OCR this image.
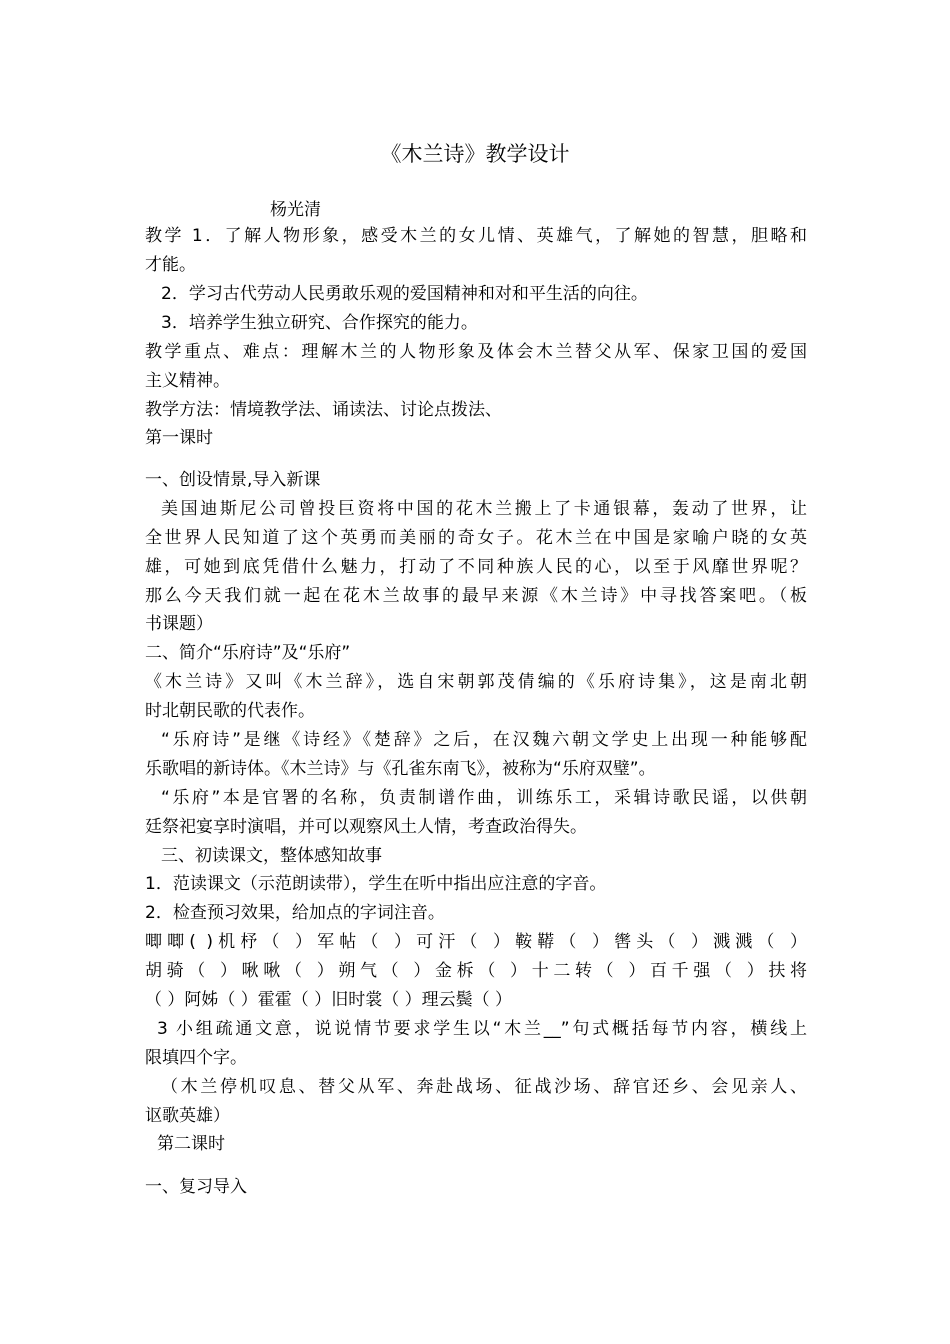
《木兰诗》教学设计
杨光清
教学 1．了解人物形象，感受木兰的女儿情、英雄气，了解她的智慧，胆略和
才能。
2．学习古代劳动人民勇敢乐观的爱国精神和对和平生活的向往。
3．培养学生独立研究、合作探究的能力。
教学重点、难点：理解木兰的人物形象及体会木兰替父从军、保家卫国的爱国
主义精神。
教学方法：情境教学法、诵读法、讨论点拨法、
第一课时
一、创设情景,导入新课
美国迪斯尼公司曾投巨资将中国的花木兰搬上了卡通银幕，轰动了世界，让
全世界人民知道了这个英勇而美丽的奇女子。花木兰在中国是家喻户晓的女英
雄，可她到底凭借什么魅力，打动了不同种族人民的心，以至于风靡世界呢？
那么今天我们就一起在花木兰故事的最早来源《木兰诗》中寻找答案吧。（板
书课题）
二、简介“乐府诗”及“乐府”
《木兰诗》又叫《木兰辞》，选自宋朝郭茂倩编的《乐府诗集》，这是南北朝
时北朝民歌的代表作。
“乐府诗”是继《诗经》《楚辞》之后，在汉魏六朝文学史上出现一种能够配
乐歌唱的新诗体。《木兰诗》与《孔雀东南飞》，被称为“乐府双璧”。
“乐府”本是官署的名称，负责制谱作曲，训练乐工，采辑诗歌民谣，以供朝
廷祭祀宴享时演唱，并可以观察风土人情，考查政治得失。
三、初读课文，整体感知故事
1．范读课文（示范朗读带），学生在听中指出应注意的字音。
2．检查预习效果，给加点的字词注音。
唧唧( )机杼（ ）军帖（ ）可汗（ ）鞍鞯（ ）辔头（ ）溅溅（ ）
胡骑（ ）啾啾（ ）朔气（ ）金柝（ ）十二转（ ）百千强（ ）扶将
（ ）阿姊（ ）霍霍（ ）旧时裳（ ）理云鬓（ ）
3 小组疏通文意，说说情节要求学生以“木兰__”句式概括每节内容，横线上
限填四个字。
（木兰停机叹息、替父从军、奔赴战场、征战沙场、辞官还乡、会见亲人、
讴歌英雄）
第二课时
一、复习导入
